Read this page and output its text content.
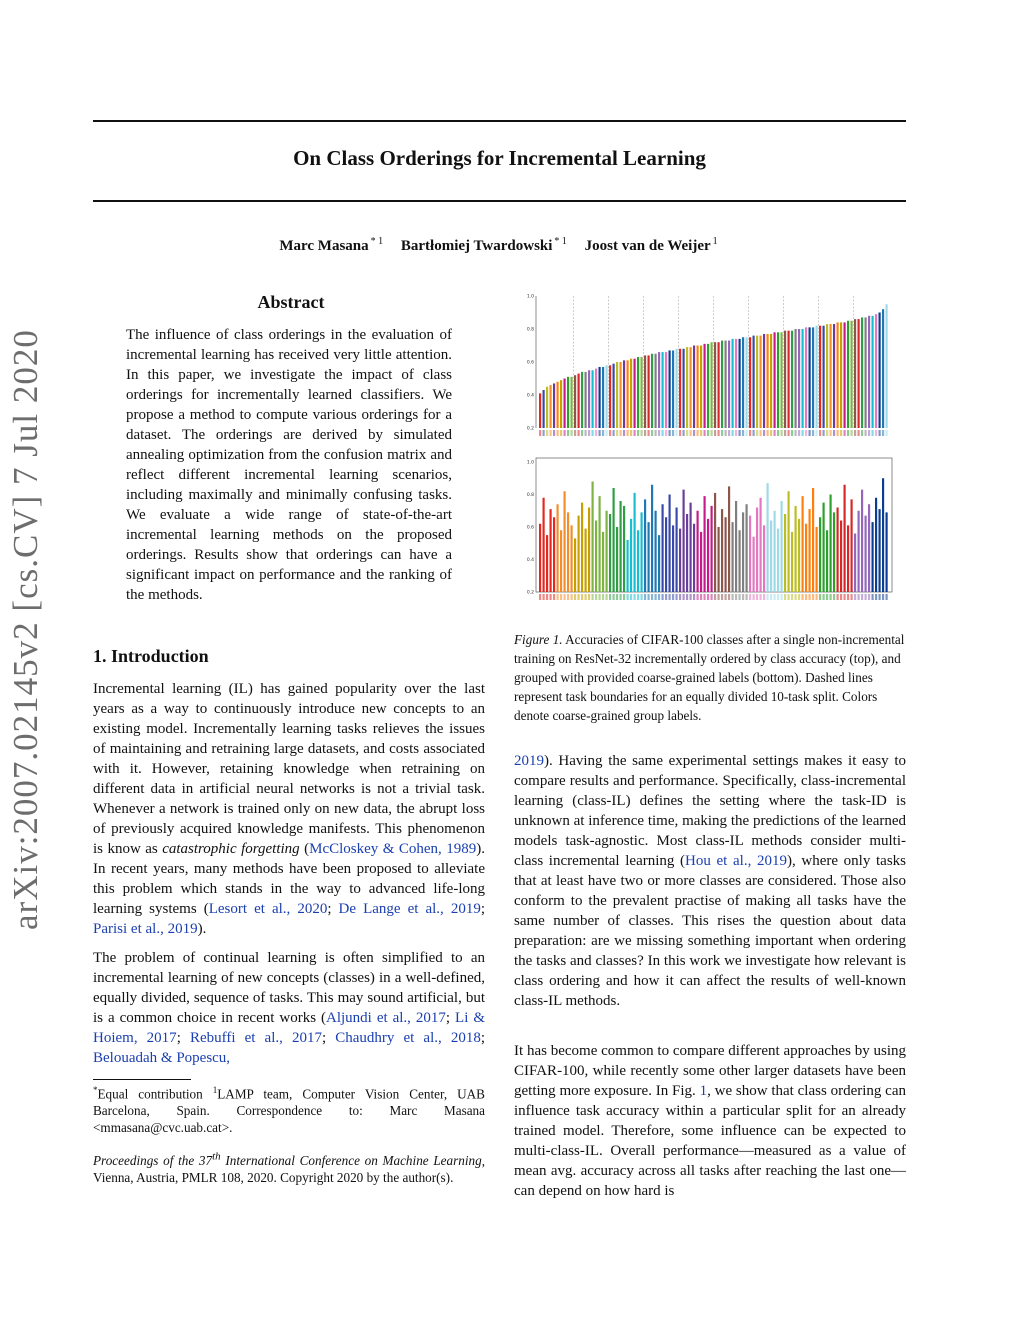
On Class Orderings for Incremental Learning
Marc Masana $^{* 1}$ Bartłomiej Twardowski $^{* 1}$ Joost van de Weijer $^1$
arXiv:2007.02145v2 [cs.CV] 7 Jul 2020
Abstract
The influence of class orderings in the evaluation of incremental learning has received very little attention. In this paper, we investigate the impact of class orderings for incrementally learned classifiers. We propose a method to compute various orderings for a dataset. The orderings are derived by simulated annealing optimization from the confusion matrix and reflect different incremental learning scenarios, including maximally and minimally confusing tasks. We evaluate a wide range of state-of-the-art incremental learning methods on the proposed orderings. Results show that orderings can have a significant impact on performance and the ranking of the methods.
1. Introduction

Incremental learning (IL) has gained popularity over the last years as a way to continuously introduce new concepts to an existing model. Incrementally learning tasks relieves the issues of maintaining and retraining large datasets, and costs associated with it. However, retaining knowledge when retraining on different data in artificial neural networks is not a trivial task. Whenever a network is trained only on new data, the abrupt loss of previously acquired knowledge manifests. This phenomenon is know as catastrophic forgetting (McCloskey & Cohen, 1989). In recent years, many methods have been proposed to alleviate this problem which stands in the way to advanced life-long learning systems (Lesort et al., 2020; De Lange et al., 2019; Parisi et al., 2019).

The problem of continual learning is often simplified to an incremental learning of new concepts (classes) in a well-defined, equally divided, sequence of tasks. This may sound artificial, but is a common choice in recent works (Aljundi et al., 2017; Li & Hoiem, 2017; Rebuffi et al., 2017; Chaudhry et al., 2018; Belouadah & Popescu,

*Equal contribution $^1$LAMP team, Computer Vision Center, UAB Barcelona, Spain. Correspondence to: Marc Masana <mmasana@cvc.uab.cat>.
Proceedings of the 37th International Conference on Machine Learning, Vienna, Austria, PMLR 108, 2020. Copyright 2020 by the author(s).
1.0
0.8
0.6
0.4
0.2
1.0
0.8
0.6
0.4
0.2
Figure 1. Accuracies of CIFAR-100 classes after a single non-incremental training on ResNet-32 incrementally ordered by class accuracy (top), and grouped with provided coarse-grained labels (bottom). Dashed lines represent task boundaries for an equally divided 10-task split. Colors denote coarse-grained group labels.

2019). Having the same experimental settings makes it easy to compare results and performance. Specifically, class-incremental learning (class-IL) defines the setting where the task-ID is unknown at inference time, making the predictions of the learned models task-agnostic. Most class-IL methods consider multi-class incremental learning (Hou et al., 2019), where only tasks that at least have two or more classes are considered. Those also conform to the prevalent practise of making all tasks have the same number of classes. This rises the question about data preparation: are we missing something important when ordering the tasks and classes? In this work we investigate how relevant is class ordering and how it can affect the results of well-known class-IL methods.

It has become common to compare different approaches by using CIFAR-100, while recently some other larger datasets have been getting more exposure. In Fig. 1, we show that class ordering can influence task accuracy within a particular split for an already trained model. Therefore, some influence can be expected to multi-class-IL. Overall performance—measured as a value of mean avg. accuracy across all tasks after reaching the last one—can depend on how hard is
